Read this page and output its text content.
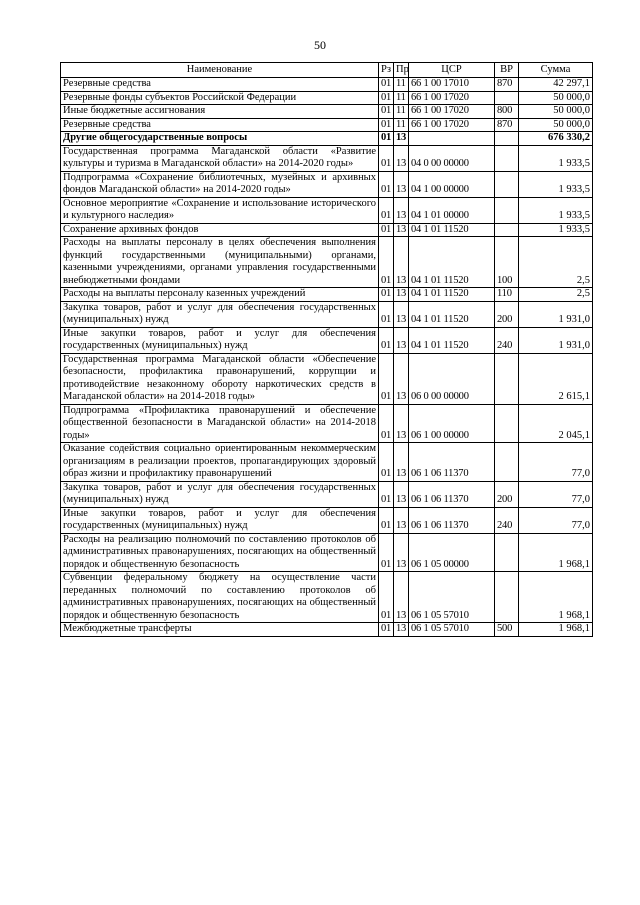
50
Наименование	Рз	Пр	ЦСР	ВР	Сумма
Резервные средства	01	11	66 1 00 17010	870	42 297,1
Резервные фонды субъектов Российской Федерации	01	11	66 1 00 17020		50 000,0
Иные бюджетные ассигнования	01	11	66 1 00 17020	800	50 000,0
Резервные средства	01	11	66 1 00 17020	870	50 000,0
Другие общегосударственные вопросы	01	13			676 330,2
Государственная программа Магаданской области «Развитие культуры и туризма в Магаданской области» на 2014-2020 годы»	01	13	04 0 00 00000		1 933,5
Подпрограмма «Сохранение библиотечных, музейных и архивных фондов Магаданской области» на 2014-2020 годы»	01	13	04 1 00 00000		1 933,5
Основное мероприятие «Сохранение и использование исторического и культурного наследия»	01	13	04 1 01 00000		1 933,5
Сохранение архивных фондов	01	13	04 1 01 11520		1 933,5
Расходы на выплаты персоналу в целях обеспечения выполнения функций государственными (муниципальными) органами, казенными учреждениями, органами управления государственными внебюджетными фондами	01	13	04 1 01 11520	100	2,5
Расходы на выплаты персоналу казенных учреждений	01	13	04 1 01 11520	110	2,5
Закупка товаров, работ и услуг для обеспечения государственных (муниципальных) нужд	01	13	04 1 01 11520	200	1 931,0
Иные закупки товаров, работ и услуг для обеспечения государственных (муниципальных) нужд	01	13	04 1 01 11520	240	1 931,0
Государственная программа Магаданской области «Обеспечение безопасности, профилактика правонарушений, коррупции и противодействие незаконному обороту наркотических средств в Магаданской области» на 2014-2018 годы»	01	13	06 0 00 00000		2 615,1
Подпрограмма «Профилактика правонарушений и обеспечение общественной безопасности в Магаданской области» на 2014-2018 годы»	01	13	06 1 00 00000		2 045,1
Оказание содействия социально ориентированным некоммерческим организациям в реализации проектов, пропагандирующих здоровый образ жизни и профилактику правонарушений	01	13	06 1 06 11370		77,0
Закупка товаров, работ и услуг для обеспечения государственных (муниципальных) нужд	01	13	06 1 06 11370	200	77,0
Иные закупки товаров, работ и услуг для обеспечения государственных (муниципальных) нужд	01	13	06 1 06 11370	240	77,0
Расходы на реализацию полномочий по составлению протоколов об административных правонарушениях, посягающих на общественный порядок и общественную безопасность	01	13	06 1 05 00000		1 968,1
Субвенции федеральному бюджету на осуществление части переданных полномочий по составлению протоколов об административных правонарушениях, посягающих на общественный порядок и общественную безопасность	01	13	06 1 05 57010		1 968,1
Межбюджетные трансферты	01	13	06 1 05 57010	500	1 968,1
